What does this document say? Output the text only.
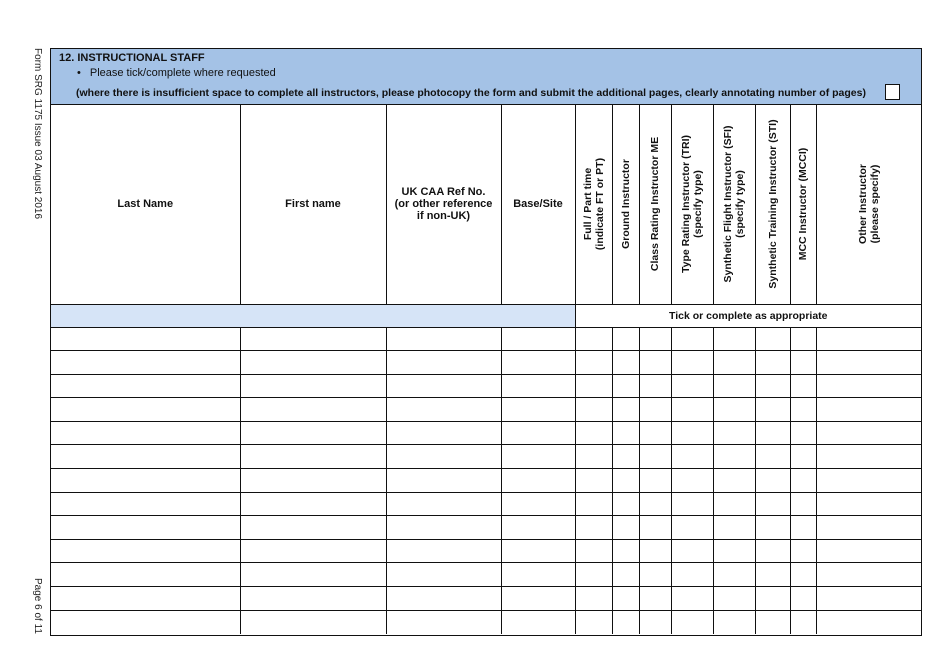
Form SRG 1175 Issue 03 August 2016
Page 6 of 11
12. INSTRUCTIONAL STAFF
• Please tick/complete where requested
(where there is insufficient space to complete all instructors, please photocopy the form and submit the additional pages, clearly annotating number of pages)
Last Name	First name	UK CAA Ref No.
(or other reference
if non-UK)	Base/Site	Full / Part time
(indicate FT or PT)	Ground Instructor	Class Rating Instructor ME	Type Rating Instructor (TRI)
(specify type)	Synthetic Flight Instructor (SFI)
(specify type)	Synthetic Training Instructor (STI)	MCC Instructor (MCCI)	Other Instructor
(please specify)

				Tick or complete as appropriate							
